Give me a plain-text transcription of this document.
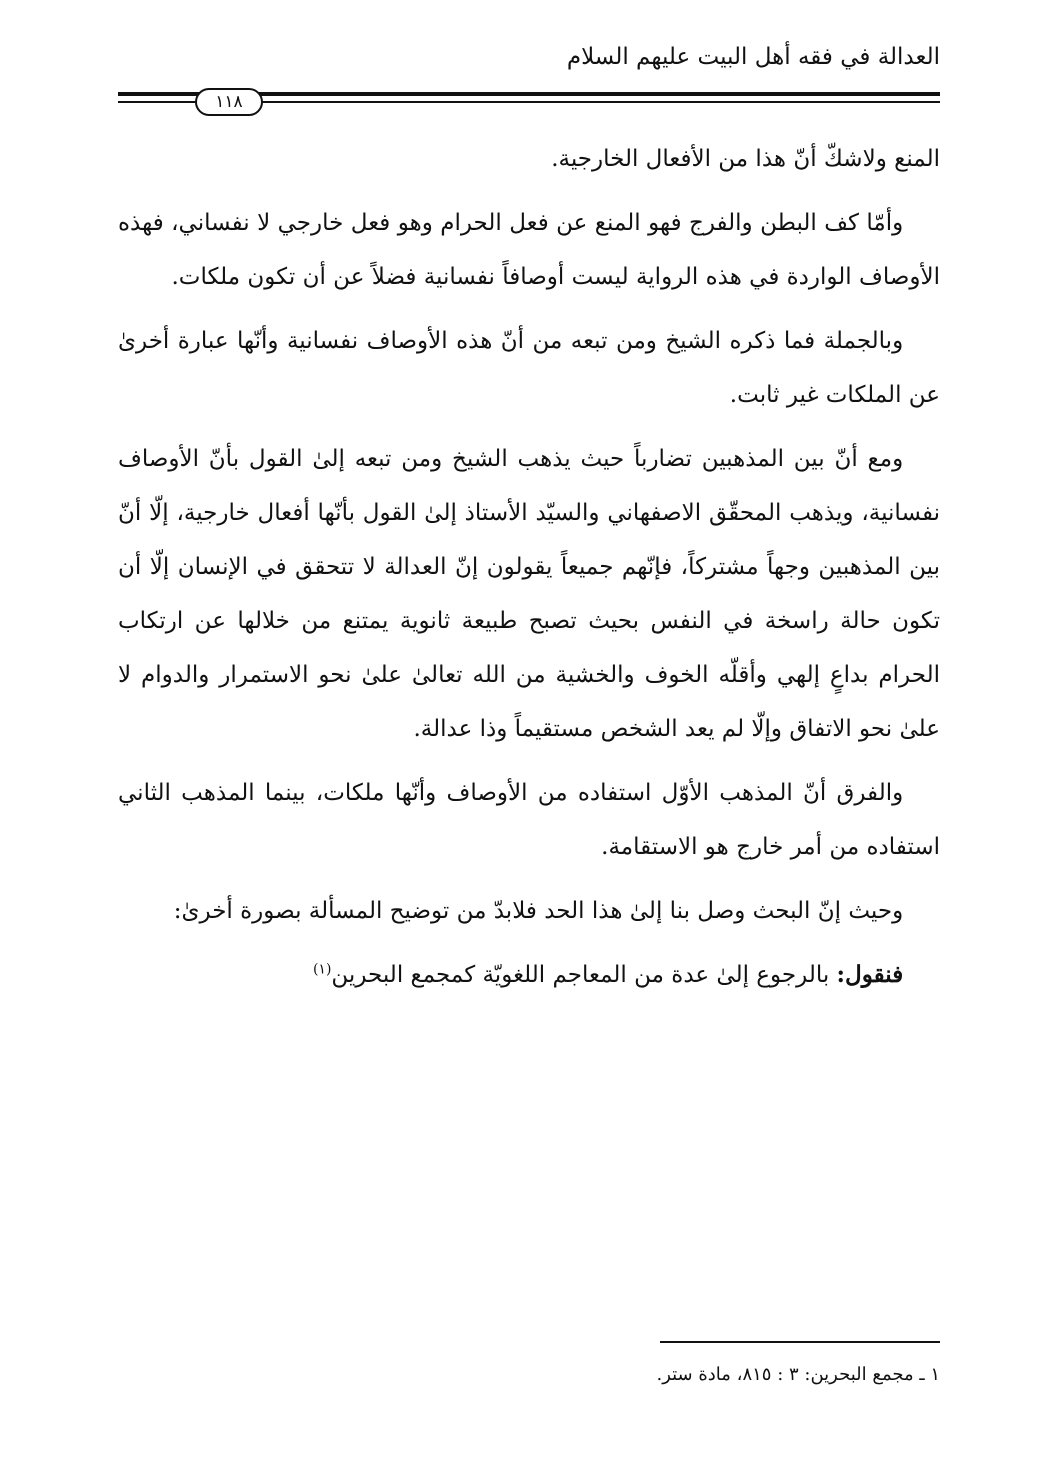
العدالة في فقه أهل البيت عليهم السلام
١١٨

المنع ولاشكّ أنّ هذا من الأفعال الخارجية.

وأمّا كف البطن والفرج فهو المنع عن فعل الحرام وهو فعل خارجي لا نفساني، فهذه الأوصاف الواردة في هذه الرواية ليست أوصافاً نفسانية فضلاً عن أن تكون ملكات.

وبالجملة فما ذكره الشيخ ومن تبعه من أنّ هذه الأوصاف نفسانية وأنّها عبارة أخرىٰ عن الملكات غير ثابت.

ومع أنّ بين المذهبين تضارباً حيث يذهب الشيخ ومن تبعه إلىٰ القول بأنّ الأوصاف نفسانية، ويذهب المحقّق الاصفهاني والسيّد الأستاذ إلىٰ القول بأنّها أفعال خارجية، إلّا أنّ بين المذهبين وجهاً مشتركاً، فإنّهم جميعاً يقولون إنّ العدالة لا تتحقق في الإنسان إلّا أن تكون حالة راسخة في النفس بحيث تصبح طبيعة ثانوية يمتنع من خلالها عن ارتكاب الحرام بداعٍ إلهي وأقلّه الخوف والخشية من الله تعالىٰ علىٰ نحو الاستمرار والدوام لا علىٰ نحو الاتفاق وإلّا لم يعد الشخص مستقيماً وذا عدالة.

والفرق أنّ المذهب الأوّل استفاده من الأوصاف وأنّها ملكات، بينما المذهب الثاني استفاده من أمر خارج هو الاستقامة.

وحيث إنّ البحث وصل بنا إلىٰ هذا الحد فلابدّ من توضيح المسألة بصورة أخرىٰ:

فنقول: بالرجوع إلىٰ عدة من المعاجم اللغويّة كمجمع البحرين$^{(١)}$

١ ـ مجمع البحرين: ٣ : ٨١٥، مادة ستر.
